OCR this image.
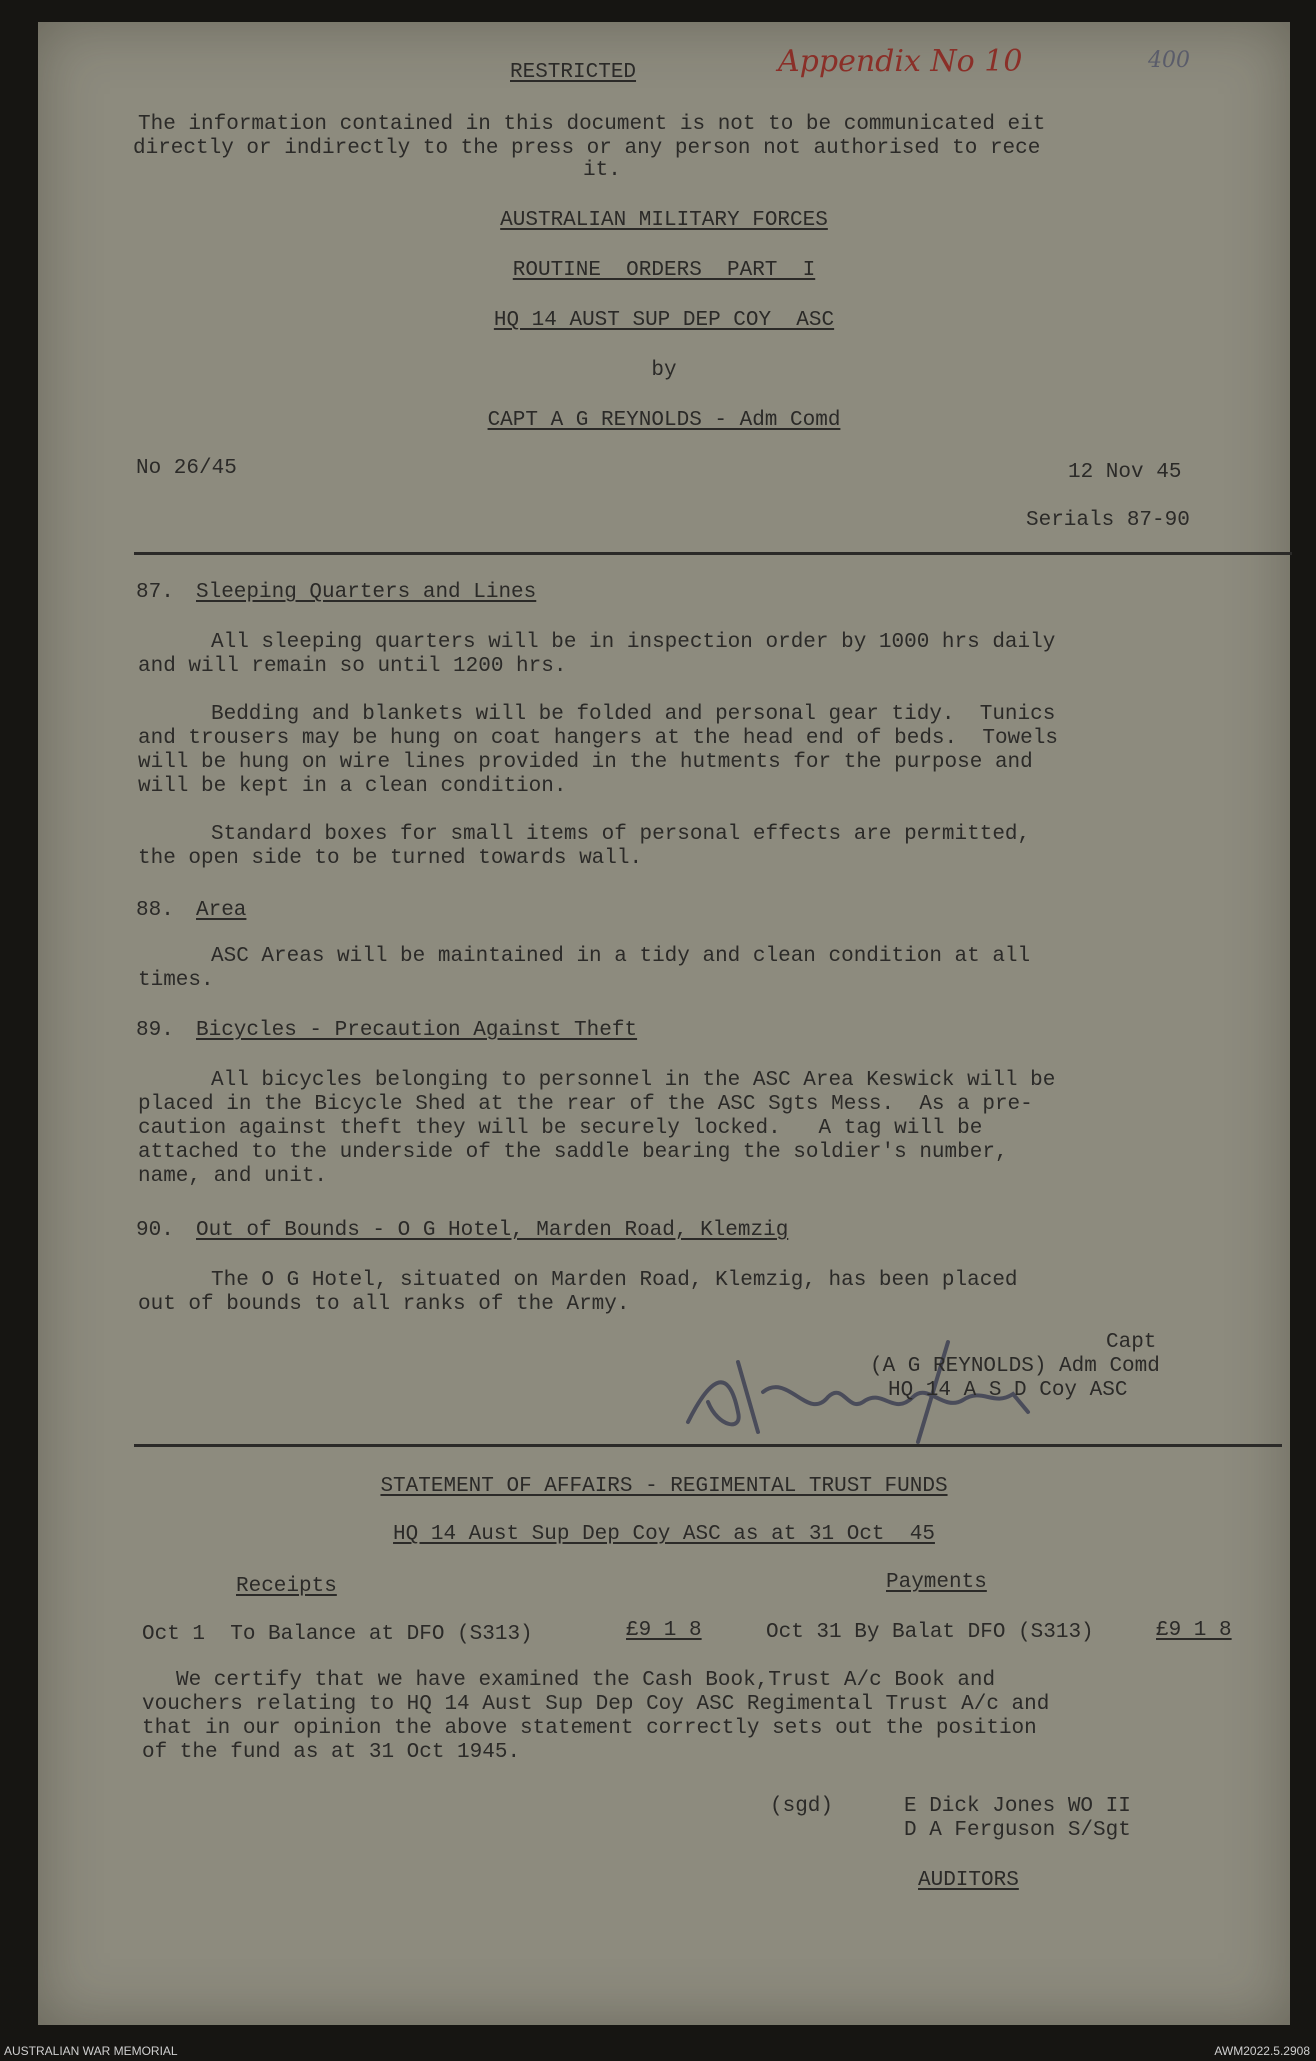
RESTRICTED	Appendix No 10	400
The information contained in this document is not to be communicated eit
directly or indirectly to the press or any person not authorised to rece
it.
AUSTRALIAN MILITARY FORCES
ROUTINE  ORDERS  PART  I
HQ 14 AUST SUP DEP COY  ASC
by
CAPT A G REYNOLDS - Adm Comd
No 26/45	12 Nov 45
Serials 87-90
87. Sleeping Quarters and Lines
All sleeping quarters will be in inspection order by 1000 hrs daily
and will remain so until 1200 hrs.
Bedding and blankets will be folded and personal gear tidy.  Tunics
and trousers may be hung on coat hangers at the head end of beds.  Towels
will be hung on wire lines provided in the hutments for the purpose and
will be kept in a clean condition.
Standard boxes for small items of personal effects are permitted,
the open side to be turned towards wall.
88. Area
ASC Areas will be maintained in a tidy and clean condition at all
times.
89. Bicycles - Precaution Against Theft
All bicycles belonging to personnel in the ASC Area Keswick will be
placed in the Bicycle Shed at the rear of the ASC Sgts Mess.  As a pre-
caution against theft they will be securely locked.   A tag will be
attached to the underside of the saddle bearing the soldier's number,
name, and unit.
90. Out of Bounds - O G Hotel, Marden Road, Klemzig
The O G Hotel, situated on Marden Road, Klemzig, has been placed
out of bounds to all ranks of the Army.
Capt
(A G REYNOLDS) Adm Comd
HQ 14 A S D Coy ASC
STATEMENT OF AFFAIRS - REGIMENTAL TRUST FUNDS
HQ 14 Aust Sup Dep Coy ASC as at 31 Oct  45
Receipts	Payments
Oct 1  To Balance at DFO (S313)	£9 1 8	Oct 31 By Balat DFO (S313)	£9 1 8
We certify that we have examined the Cash Book,Trust A/c Book and
vouchers relating to HQ 14 Aust Sup Dep Coy ASC Regimental Trust A/c and
that in our opinion the above statement correctly sets out the position
of the fund as at 31 Oct 1945.
(sgd)	E Dick Jones WO II
D A Ferguson S/Sgt
AUDITORS
AUSTRALIAN WAR MEMORIAL	AWM2022.5.2908
